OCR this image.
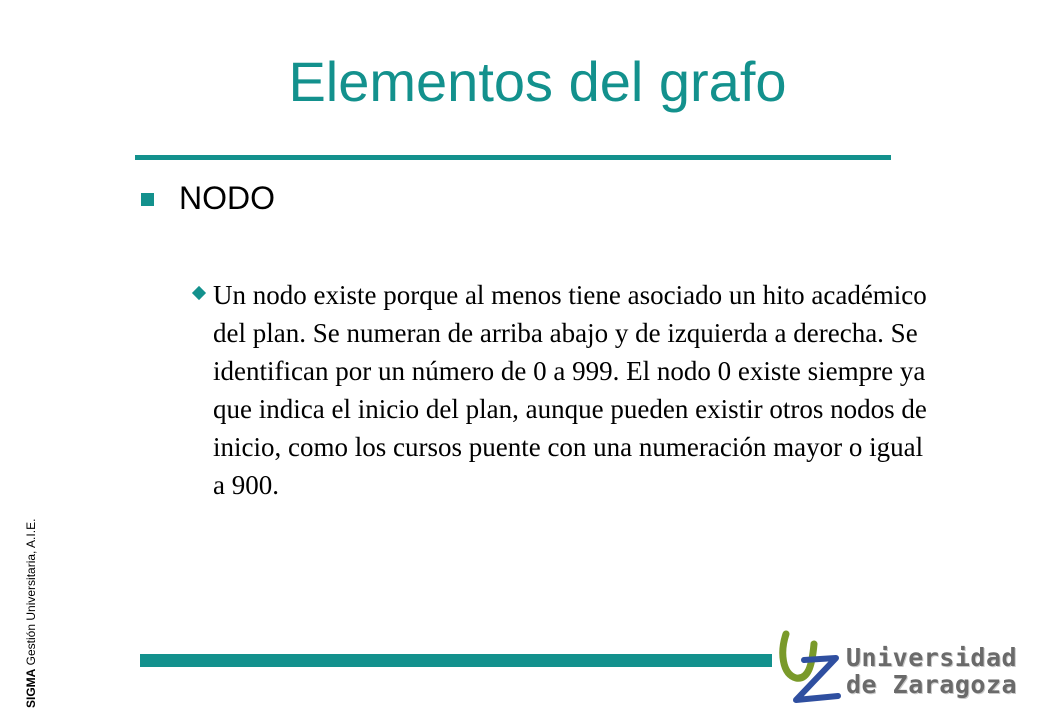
Elementos del grafo
NODO

Un nodo existe porque al menos tiene asociado un hito académico del plan. Se numeran de arriba abajo y de izquierda a derecha. Se identifican por un número de 0 a 999. El nodo 0 existe siempre ya que indica el inicio del plan, aunque pueden existir otros nodos de inicio, como los cursos puente con una numeración mayor o igual a 900.

SIGMA Gestión Universitaria, A.I.E.	Universidad
de Zaragoza
